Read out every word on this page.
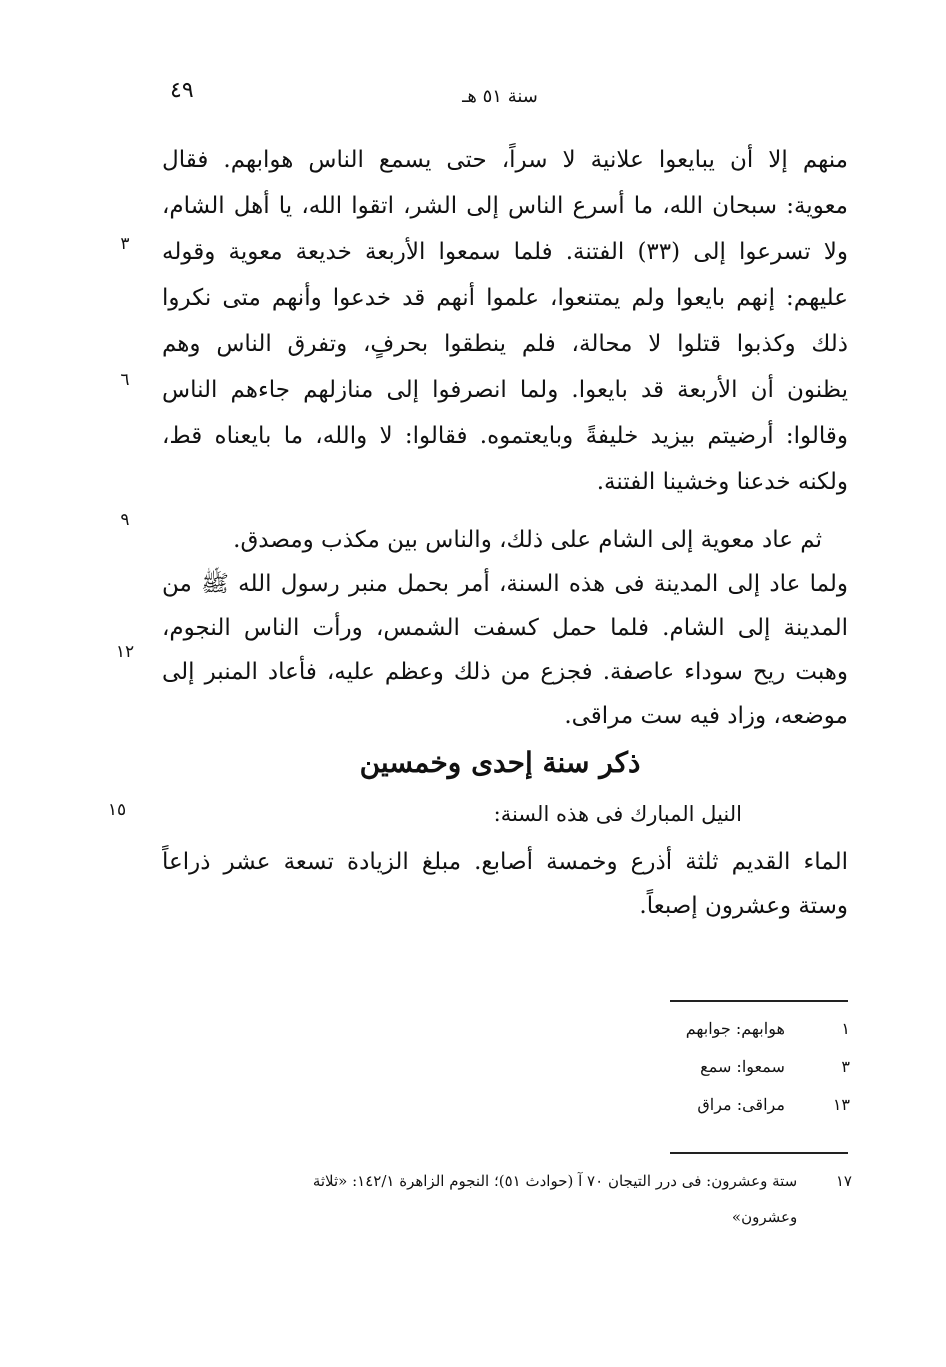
٤٩	سنة ٥١ هـ
منهم إلا أن يبايعوا علانية لا سراً، حتى يسمع الناس هوابهم. فقال
معوية: سبحان الله، ما أسرع الناس إلى الشر، اتقوا الله، يا أهل الشام،
ولا تسرعوا إلى (٣٣) الفتنة. فلما سمعوا الأربعة خديعة معوية وقوله
عليهم: إنهم بايعوا ولم يمتنعوا، علموا أنهم قد خدعوا وأنهم متى نكروا
ذلك وكذبوا قتلوا لا محالة، فلم ينطقوا بحرفٍ، وتفرق الناس وهم
يظنون أن الأربعة قد بايعوا. ولما انصرفوا إلى منازلهم جاءهم الناس
وقالوا: أرضيتم بيزيد خليفةً وبايعتموه. فقالوا: لا والله، ما بايعناه قط،
ولكنه خدعنا وخشينا الفتنة.
ثم عاد معوية إلى الشام على ذلك، والناس بين مكذب ومصدق.
ولما عاد إلى المدينة فى هذه السنة، أمر بحمل منبر رسول الله ﷺ من
المدينة إلى الشام. فلما حمل كسفت الشمس، ورأت الناس النجوم،
وهبت ريح سوداء عاصفة. فجزع من ذلك وعظم عليه، فأعاد المنبر إلى
موضعه، وزاد فيه ست مراقى.
ذكر سنة إحدى وخمسين
النيل المبارك فى هذه السنة:
الماء القديم ثلثة أذرع وخمسة أصابع. مبلغ الزيادة تسعة عشر ذراعاً
وستة وعشرون إصبعاً.
٣
٦
٩
١٢
١٥
١ هوابهم: جوابهم
٣ سمعوا: سمع
١٣ مراقى: مراق
١٧ ستة وعشرون: فى درر التيجان ٧٠ آ (حوادث ٥١)؛ النجوم الزاهرة ١٤٢/١: «ثلاثة
وعشرون»
